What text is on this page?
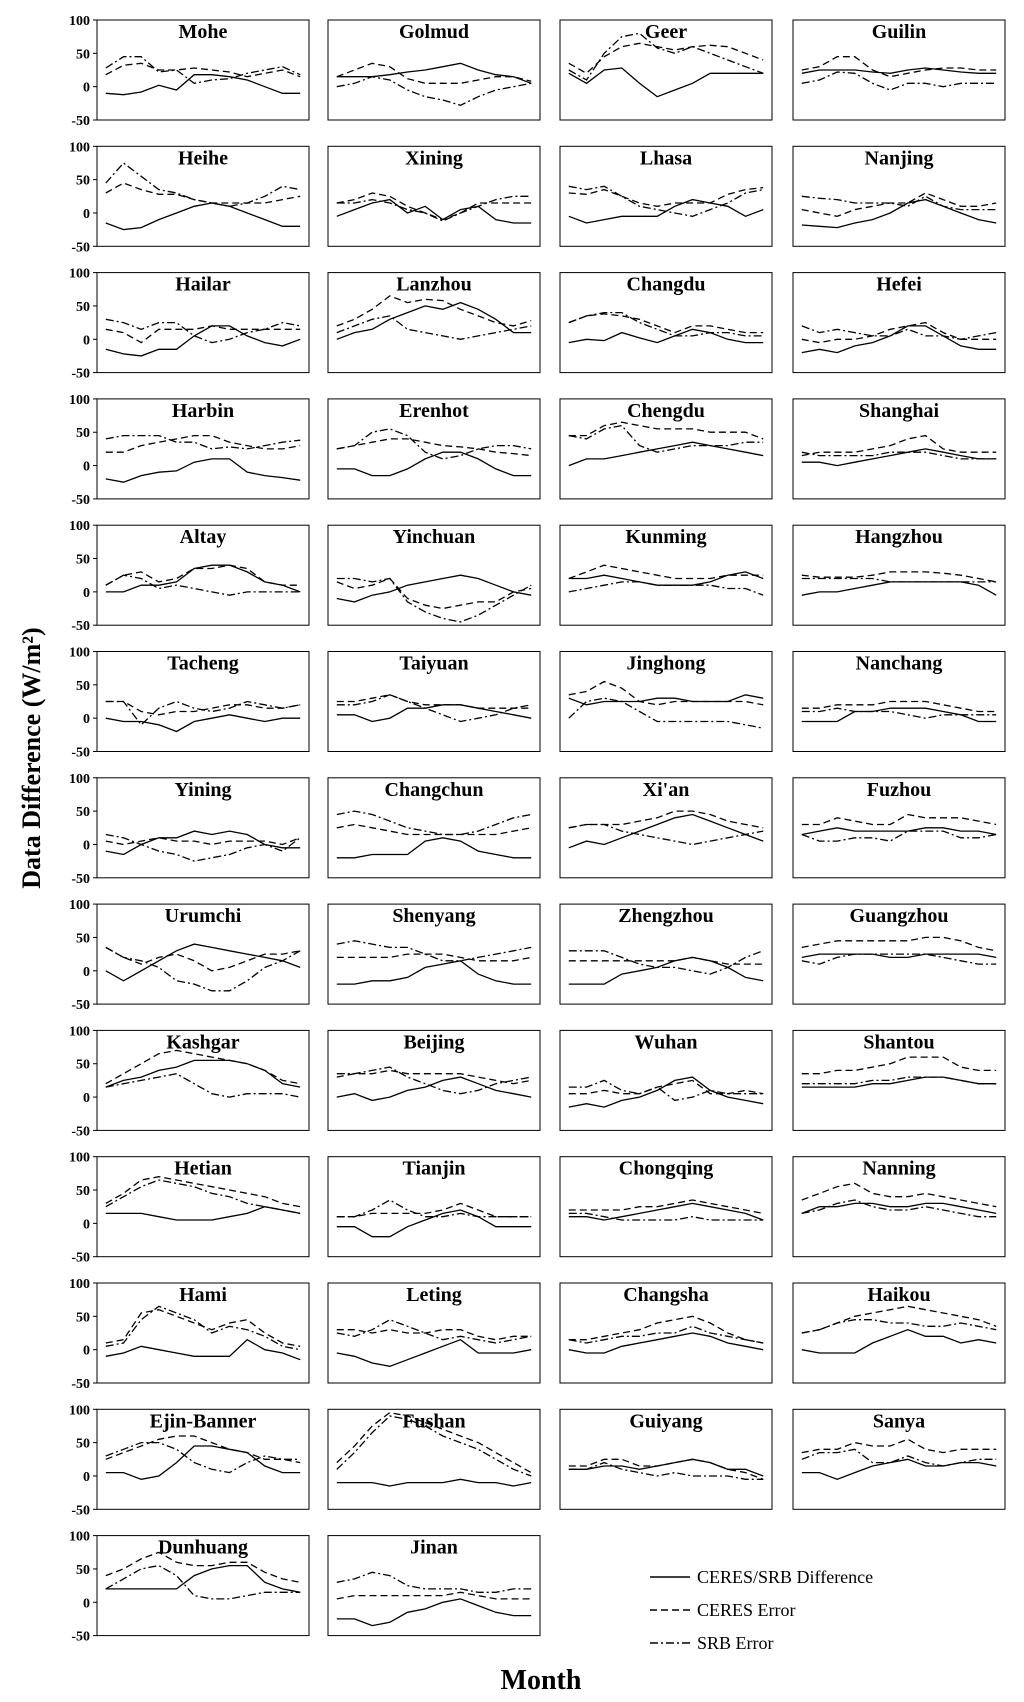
100
50
0
-50
Mohe	Golmud	Geer	Guilin
100
50
0
-50
Heihe	Xining	Lhasa	Nanjing
100
50
0
-50
Hailar	Lanzhou	Changdu	Hefei
100
50
0
-50
Harbin	Erenhot	Chengdu	Shanghai
100
50
0
-50
Altay	Yinchuan	Kunming	Hangzhou
100
50
0
-50
Tacheng	Taiyuan	Jinghong	Nanchang
100
50
0
-50
Yining	Changchun	Xi'an	Fuzhou
100
50
0
-50
Urumchi	Shenyang	Zhengzhou	Guangzhou
100
50
0
-50
Kashgar	Beijing	Wuhan	Shantou
100
50
0
-50
Hetian	Tianjin	Chongqing	Nanning
100
50
0
-50
Hami	Leting	Changsha	Haikou
100
50
0
-50
Ejin-Banner	Fushan	Guiyang	Sanya
100
50
0
-50
Dunhuang	Jinan
Data Difference (W/m²)
Month
CERES/SRB Difference
CERES Error
SRB Error
